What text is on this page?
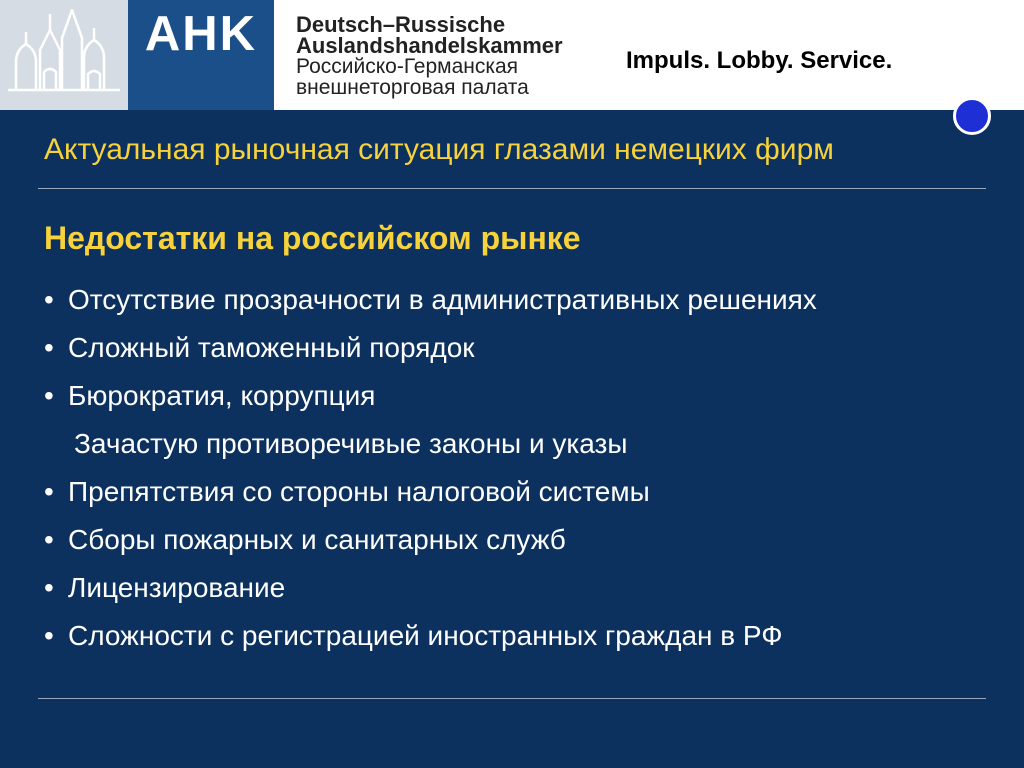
AHK	Deutsch–Russische
Auslandshandelskammer
Российско-Германская
внешнеторговая палата
Impuls. Lobby. Service.
Актуальная рыночная ситуация глазами немецких фирм
Недостатки на российском рынке
• Отсутствие прозрачности в административных решениях
• Сложный таможенный порядок
• Бюрократия, коррупция
Зачастую противоречивые законы и указы
• Препятствия со стороны налоговой системы
• Сборы пожарных и санитарных служб
• Лицензирование
• Сложности с регистрацией иностранных граждан в РФ
